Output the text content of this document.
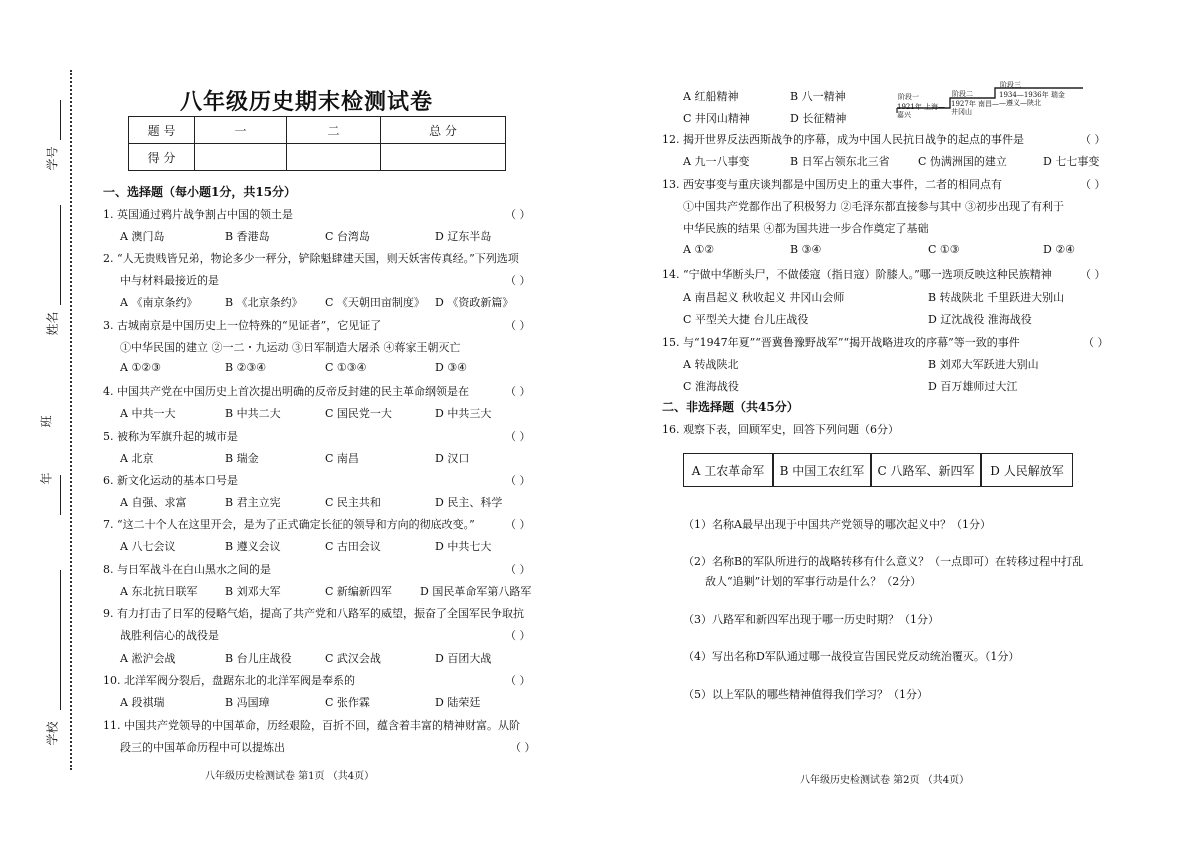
学号
姓名
年
班
学校
八年级历史期末检测试卷
题 号	一	二	总 分
得 分			
一、选择题（每小题1分，共15分）
1. 英国通过鸦片战争割占中国的领土是	（ ）
A 澳门岛	B 香港岛	C 台湾岛	D 辽东半岛
2. “人无贵贱皆兄弟，物论多少一秤分，铲除魁肆建天国，则天妖害传真经。”下列选项
中与材料最接近的是	（ ）
A 《南京条约》	B 《北京条约》 C 《天朝田亩制度》 D 《资政新篇》
3. 古城南京是中国历史上一位特殊的“见证者”，它见证了	（ ）
①中华民国的建立 ②一二・九运动 ③日军制造大屠杀 ④蒋家王朝灭亡
A ①②③	B ②③④	C ①③④	D ③④
4. 中国共产党在中国历史上首次提出明确的反帝反封建的民主革命纲领是在	（ ）
A 中共一大	B 中共二大	C 国民党一大	D 中共三大
5. 被称为军旗升起的城市是	（ ）
A 北京	B 瑞金	C 南昌	D 汉口
6. 新文化运动的基本口号是	（ ）
A 自强、求富	B 君主立宪	C 民主共和	D 民主、科学
7. “这二十个人在这里开会，是为了正式确定长征的领导和方向的彻底改变。”	（ ）
A 八七会议	B 遵义会议	C 古田会议	D 中共七大
8. 与日军战斗在白山黑水之间的是	（ ）
A 东北抗日联军	B 刘邓大军	C 新编新四军	D 国民革命军第八路军
9. 有力打击了日军的侵略气焰，提高了共产党和八路军的威望，振奋了全国军民争取抗
战胜利信心的战役是	（ ）
A 淞沪会战	B 台儿庄战役	C 武汉会战	D 百团大战
10. 北洋军阀分裂后，盘踞东北的北洋军阀是奉系的	（ ）
A 段祺瑞	B 冯国璋	C 张作霖	D 陆荣廷
11. 中国共产党领导的中国革命，历经艰险，百折不回，蕴含着丰富的精神财富。从阶
段三的中国革命历程中可以提炼出	（ ）
八年级历史检测试卷 第1页 （共4页）
A 红船精神	B 八一精神
C 井冈山精神	D 长征精神
阶段一
1921年 上海—嘉兴
阶段二
1927年 南昌—井冈山
阶段三
1934—1936年 瑞金—遵义—陕北
12. 揭开世界反法西斯战争的序幕，成为中国人民抗日战争的起点的事件是	（ ）
A 九一八事变	B 日军占领东北三省	C 伪满洲国的建立	D 七七事变
13. 西安事变与重庆谈判都是中国历史上的重大事件，二者的相同点有	（ ）
①中国共产党都作出了积极努力 ②毛泽东都直接参与其中 ③初步出现了有利于
中华民族的结果 ④都为国共进一步合作奠定了基础
A ①②	B ③④	C ①③	D ②④
14. “宁做中华断头尸，不做倭寇（指日寇）阶膝人。”哪一选项反映这种民族精神	（ ）
A 南昌起义 秋收起义 井冈山会师	B 转战陕北 千里跃进大别山
C 平型关大捷 台儿庄战役	D 辽沈战役 淮海战役
15. 与“1947年夏”“晋冀鲁豫野战军”“揭开战略进攻的序幕”等一致的事件	（ ）
A 转战陕北	B 刘邓大军跃进大别山
C 淮海战役	D 百万雄师过大江
二、非选择题（共45分）
16. 观察下表，回顾军史，回答下列问题（6分）
A 工农革命军	B 中国工农红军	C 八路军、新四军	D 人民解放军
（1）名称A最早出现于中国共产党领导的哪次起义中？（1分）
（2）名称B的军队所进行的战略转移有什么意义？（一点即可）在转移过程中打乱
敌人“追剿”计划的军事行动是什么？（2分）
（3）八路军和新四军出现于哪一历史时期？（1分）
（4）写出名称D军队通过哪一战役宣告国民党反动统治覆灭。（1分）
（5）以上军队的哪些精神值得我们学习？（1分）
八年级历史检测试卷 第2页 （共4页）
